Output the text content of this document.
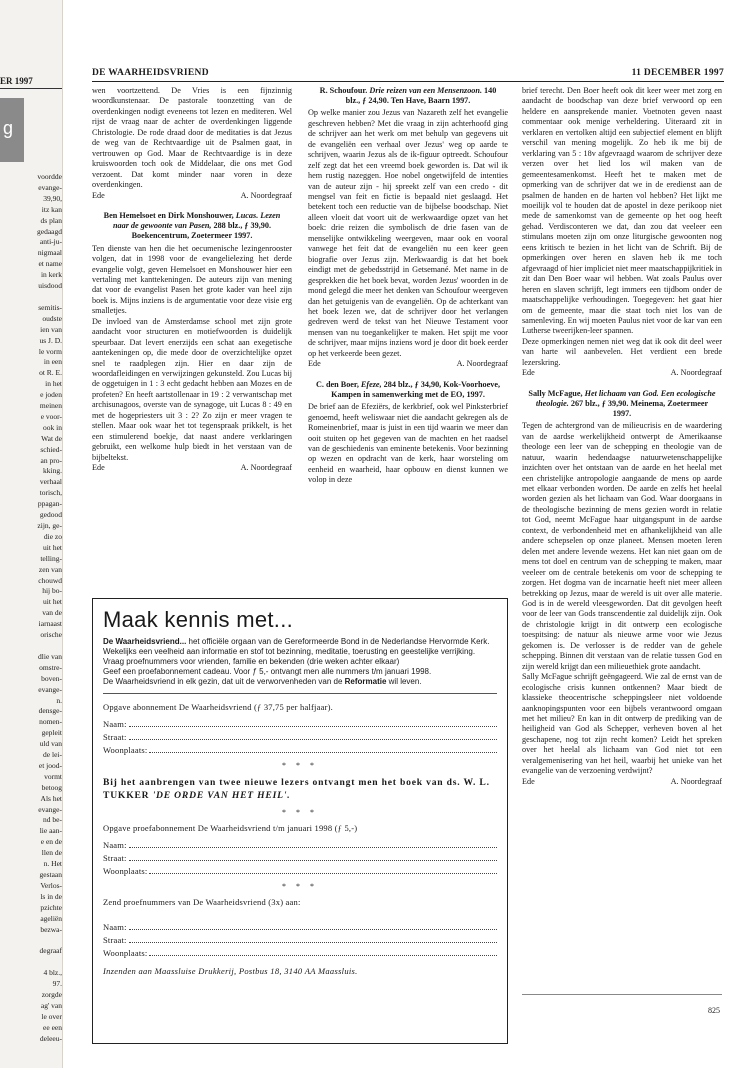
ER 1997
g
voordde
evange-
39,90,
itz kan
ds plan
gedaagd
anti-ju-
nigmaal
et name
in kerk
uisdood

semitis-
oudste
ien van
us J. D.
le vorm
in een
ot R. E.
in het
e joden
meinen
e voor-
ook in
Wat de
schied-
an pro-
kking.
verhaal
torisch,
ppagan-
gedood
zijn, ge-
die zo
uit het
telling-
zen van
chouwd
hij bo-
uit het
van de
iarnaast
orische

dlie van
omstre-
boven-
evange-
n.
densge-
nomen-
gepleit
uld van
de lei-
et jood-
vormt
betoog
Als het
evange-
nd be-
lie aan-
e en de
llen de
n. Het
gestaan
Verlos-
ls in de
pzichte
ageliën
bezwa-

degraaf

4 blz.,
97.
zorgde
ag' van
le over
ee een
deleeu-
DE WAARHEIDSVRIEND	11 DECEMBER 1997

wen voortzettend. De Vries is een fijnzinnig woordkunstenaar. De pastorale toonzetting van de overdenkingen nodigt eveneens tot lezen en mediteren. Wel rijst de vraag naar de achter de overdenkingen liggende Christologie. De rode draad door de meditaties is dat Jezus de weg van de Rechtvaardige uit de Psalmen gaat, in vertrouwen op God. Maar de Rechtvaardige is in deze kruiswoorden toch ook de Middelaar, die ons met God verzoent. Dat komt minder naar voren in deze overdenkingen.

Ede	A. Noordegraaf
Ben Hemelsoet en Dirk Monshouwer, Lucas. Lezen naar de gewoonte van Pasen, 288 blz., ƒ 39,90. Boekencentrum, Zoetermeer 1997.

Ten dienste van hen die het oecumenische lezingenrooster volgen, dat in 1998 voor de evangelielezing het derde evangelie volgt, geven Hemelsoet en Monshouwer hier een vertaling met kanttekeningen. De auteurs zijn van mening dat voor de evangelist Pasen het grote kader van heel zijn boek is. Mijns inziens is de argumentatie voor deze visie erg smalletjes.

De invloed van de Amsterdamse school met zijn grote aandacht voor structuren en motiefwoorden is duidelijk speurbaar. Dat levert enerzijds een schat aan exegetische aantekeningen op, die mede door de overzichtelijke opzet snel te raadplegen zijn. Hier en daar zijn de woordafleidingen en verwijzingen gekunsteld. Zou Lucas bij de oggetuigen in 1 : 3 echt gedacht hebben aan Mozes en de profeten? En heeft aartstollenaar in 19 : 2 verwantschap met archisunagoos, overste van de synagoge, uit Lucas 8 : 49 en met de hogepriesters uit 3 : 2? Zo zijn er meer vragen te stellen. Maar ook waar het tot tegenspraak prikkelt, is het een stimulerend boekje, dat naast andere verklaringen gebruikt, een welkome hulp biedt in het verstaan van de bijbeltekst.

Ede	A. Noordegraaf
R. Schoufour. Drie reizen van een Mensenzoon. 140 blz., ƒ 24,90. Ten Have, Baarn 1997.

Op welke manier zou Jezus van Nazareth zelf het evangelie geschreven hebben? Met die vraag in zijn achterhoofd ging de schrijver aan het werk om met behulp van gegevens uit de evangeliën een verhaal over Jezus' weg op aarde te schrijven, waarin Jezus als de ik-figuur optreedt. Schoufour zelf zegt dat het een vreemd boek geworden is. Dat wil ik hem rustig nazeggen. Hoe nobel ongetwijfeld de intenties van de auteur zijn - hij spreekt zelf van een credo - dit mengsel van feit en fictie is bepaald niet geslaagd. Het betekent toch een reductie van de bijbelse boodschap. Niet alleen vloeit dat voort uit de werkwaardige opzet van het boek: drie reizen die symbolisch de drie fasen van de menselijke ontwikkeling weergeven, maar ook en vooral vanwege het feit dat de evangeliën nu een keer geen biografie over Jezus zijn. Merkwaardig is dat het boek eindigt met de gebedsstrijd in Getsemané. Met name in de gesprekken die het boek bevat, worden Jezus' woorden in de mond gelegd die meer het denken van Schoufour weergeven dan het getuigenis van de evangeliën. Op de achterkant van het boek lezen we, dat de schrijver door het verlangen gedreven werd de tekst van het Nieuwe Testament voor mensen van nu toegankelijker te maken. Het spijt me voor de schrijver, maar mijns inziens word je door dit boek eerder op het verkeerde been gezet.

Ede	A. Noordegraaf
C. den Boer, Efeze, 284 blz., ƒ 34,90, Kok-Voorhoeve, Kampen in samenwerking met de EO, 1997.

De brief aan de Efeziërs, de kerkbrief, ook wel Pinksterbrief genoemd, heeft weliswaar niet die aandacht gekregen als de Romeinenbrief, maar is juist in een tijd waarin we meer dan ooit stuiten op het gegeven van de machten en het raadsel van de geschiedenis van eminente betekenis. Voor bezinning op wezen en opdracht van de kerk, haar worsteling om eenheid en waarheid, haar opbouw en dienst kunnen we volop in deze

brief terecht. Den Boer heeft ook dit keer weer met zorg en aandacht de boodschap van deze brief verwoord op een heldere en aansprekende manier. Voetnoten geven naast commentaar ook menige verheldering. Uiteraard zit in verklaren en vertolken altijd een subjectief element en blijft verschil van mening mogelijk. Zo heb ik me bij de verklaring van 5 : 18v afgevraagd waarom de schrijver deze verzen over het lied los wil maken van de gemeentesamenkomst. Heeft het te maken met de opmerking van de schrijver dat we in de eredienst aan de psalmen de handen en de harten vol hebben? Het lijkt me moeilijk vol te houden dat de apostel in deze perikoop niet mede de samenkomst van de gemeente op het oog heeft gehad. Verdisconteren we dat, dan zou dat veeleer een stimulans moeten zijn om onze liturgische gewoonten nog eens kritisch te bezien in het licht van de Schrift. Bij de opmerkingen over heren en slaven heb ik me toch afgevraagd of hier impliciet niet meer maatschappijkritiek in zit dan Den Boer waar wil hebben. Wat zoals Paulus over heren en slaven schrijft, legt immers een tijdbom onder de maatschappelijke verhoudingen. Toegegeven: het gaat hier om de gemeente, maar die staat toch niet los van de samenleving. En wij moeten Paulus niet voor de kar van een Lutherse tweerijken-leer spannen.

Deze opmerkingen nemen niet weg dat ik ook dit deel weer van harte wil aanbevelen. Het verdient een brede lezerskring.

Ede	A. Noordegraaf
Sally McFague, Het lichaam van God. Een ecologische theologie. 267 blz., ƒ 39,90. Meinema, Zoetermeer 1997.

Tegen de achtergrond van de milieucrisis en de waardering van de aardse werkelijkheid ontwerpt de Amerikaanse theologe een leer van de schepping en theologie van de natuur, waarin hedendaagse natuurwetenschappelijke inzichten over het ontstaan van de aarde en het heelal met een christelijke antropologie aangaande de mens op aarde met elkaar verbonden worden. De aarde en zelfs het heelal worden gezien als het lichaam van God. Waar doorgaans in de theologische bezinning de mens gezien wordt in relatie tot God, neemt McFague haar uitgangspunt in de aardse context, de verbondenheid met en afhankelijkheid van alle andere schepselen op onze planeet. Mensen moeten leren delen met andere levende wezens. Het kan niet gaan om de mens tot doel en centrum van de schepping te maken, maar veeleer om de centrale betekenis om voor de schepping te zorgen. Het dogma van de incarnatie heeft niet meer alleen betrekking op Jezus, maar de wereld is uit over alle materie. God is in de wereld vleesgeworden. Dat dit gevolgen heeft voor de leer van Gods transcendentie zal duidelijk zijn. Ook de christologie krijgt in dit ontwerp een ecologische toespitsing: de natuur als nieuwe arme voor wie Jezus gekomen is. De verlosser is de redder van de gehele schepping. Binnen dit verstaan van de relatie tussen God en zijn wereld krijgt dan een milieuethiek grote aandacht.

Sally McFague schrijft geëngageerd. Wie zal de ernst van de ecologische crisis kunnen ontkennen? Maar biedt de klassieke theocentrische scheppingsleer niet voldoende aanknopingspunten voor een bijbels verantwoord omgaan met het milieu? En kan in dit ontwerp de prediking van de heiligheid van God als Schepper, verheven boven al het geschapene, nog tot zijn recht komen? Leidt het spreken over het heelal als lichaam van God niet tot een veralgemenisering van het heil, waarbij het unieke van het evangelie van de verzoening verdwijnt?

Ede	A. Noordegraaf
Maak kennis met...
De Waarheidsvriend... het officiële orgaan van de Gereformeerde Bond in de Nederlandse Hervormde Kerk.
Wekelijks een veelheid aan informatie en stof tot bezinning, meditatie, toerusting en geestelijke verrijking.
Vraag proefnummers voor vrienden, familie en bekenden (drie weken achter elkaar)
Geef een proefabonnement cadeau. Voor ƒ 5,- ontvangt men alle nummers t/m januari 1998.
De Waarheidsvriend in elk gezin, dat uit de verworvenheden van de Reformatie wil leven.
Opgave abonnement De Waarheidsvriend (ƒ 37,75 per halfjaar).
Naam:
Straat:
Woonplaats:
* * *
Bij het aanbrengen van twee nieuwe lezers ontvangt men het boek van ds. W. L. TUKKER 'DE ORDE VAN HET HEIL'.
* * *
Opgave proefabonnement De Waarheidsvriend t/m januari 1998 (ƒ 5,-)
Naam:
Straat:
Woonplaats:
* * *
Zend proefnummers van De Waarheidsvriend (3x) aan:
Naam:
Straat:
Woonplaats:
Inzenden aan Maassluise Drukkerij, Postbus 18, 3140 AA Maassluis.
825
